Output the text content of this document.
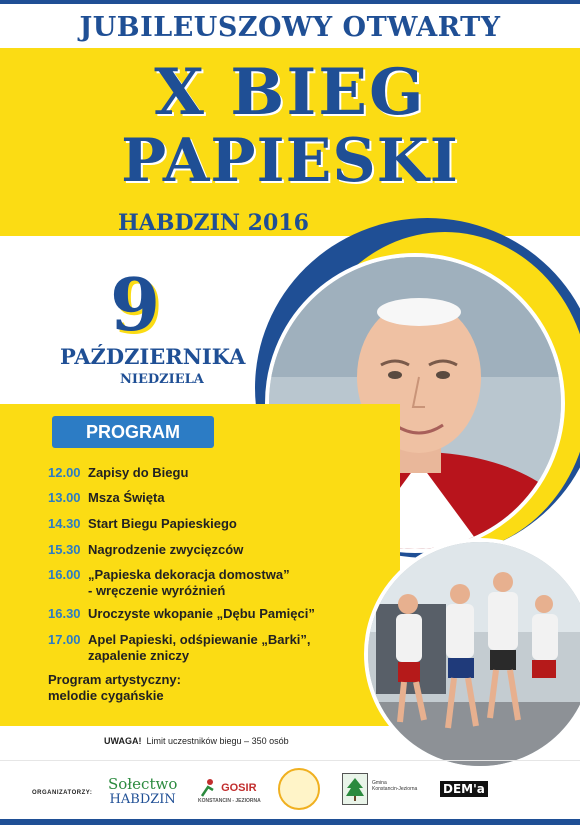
JUBILEUSZOWY OTWARTY
X BIEG
PAPIESKI
HABDZIN 2016
9
PAŹDZIERNIKA
NIEDZIELA
PROGRAM
12.00 Zapisy do Biegu
13.00 Msza Święta
14.30 Start Biegu Papieskiego
15.30 Nagrodzenie zwycięzców
16.00 „Papieska dekoracja domostwa”
- wręczenie wyróżnień
16.30 Uroczyste wkopanie „Dębu Pamięci”
17.00 Apel Papieski, odśpiewanie „Barki”,
zapalenie zniczy
Program artystyczny:
melodie cygańskie
UWAGA! Limit uczestników biegu – 350 osób
ORGANIZATORZY: Sołectwo
HABDZIN
GOSIR
KONSTANCIN - JEZIORNA
Gmina
Konstancin-Jeziorna DEM'a
